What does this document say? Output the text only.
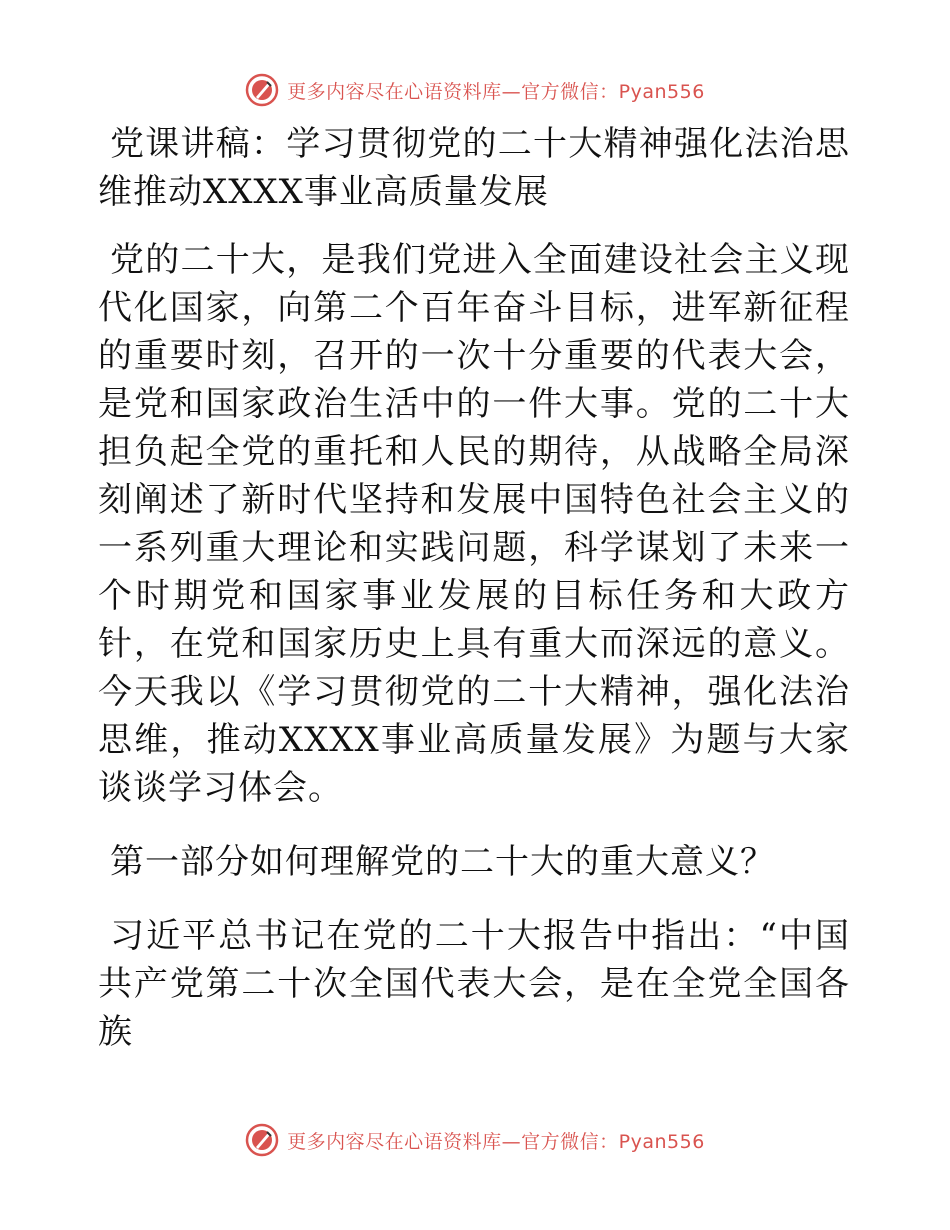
更多内容尽在心语资料库—官方微信：Pyan556

党课讲稿：学习贯彻党的二十大精神强化法治思维推动XXXX事业高质量发展

党的二十大，是我们党进入全面建设社会主义现代化国家，向第二个百年奋斗目标，进军新征程的重要时刻，召开的一次十分重要的代表大会，是党和国家政治生活中的一件大事。党的二十大担负起全党的重托和人民的期待，从战略全局深刻阐述了新时代坚持和发展中国特色社会主义的一系列重大理论和实践问题，科学谋划了未来一个时期党和国家事业发展的目标任务和大政方针，在党和国家历史上具有重大而深远的意义。今天我以《学习贯彻党的二十大精神，强化法治思维，推动XXXX事业高质量发展》为题与大家谈谈学习体会。

第一部分如何理解党的二十大的重大意义？

习近平总书记在党的二十大报告中指出：“中国共产党第二十次全国代表大会，是在全党全国各族

更多内容尽在心语资料库—官方微信：Pyan556
